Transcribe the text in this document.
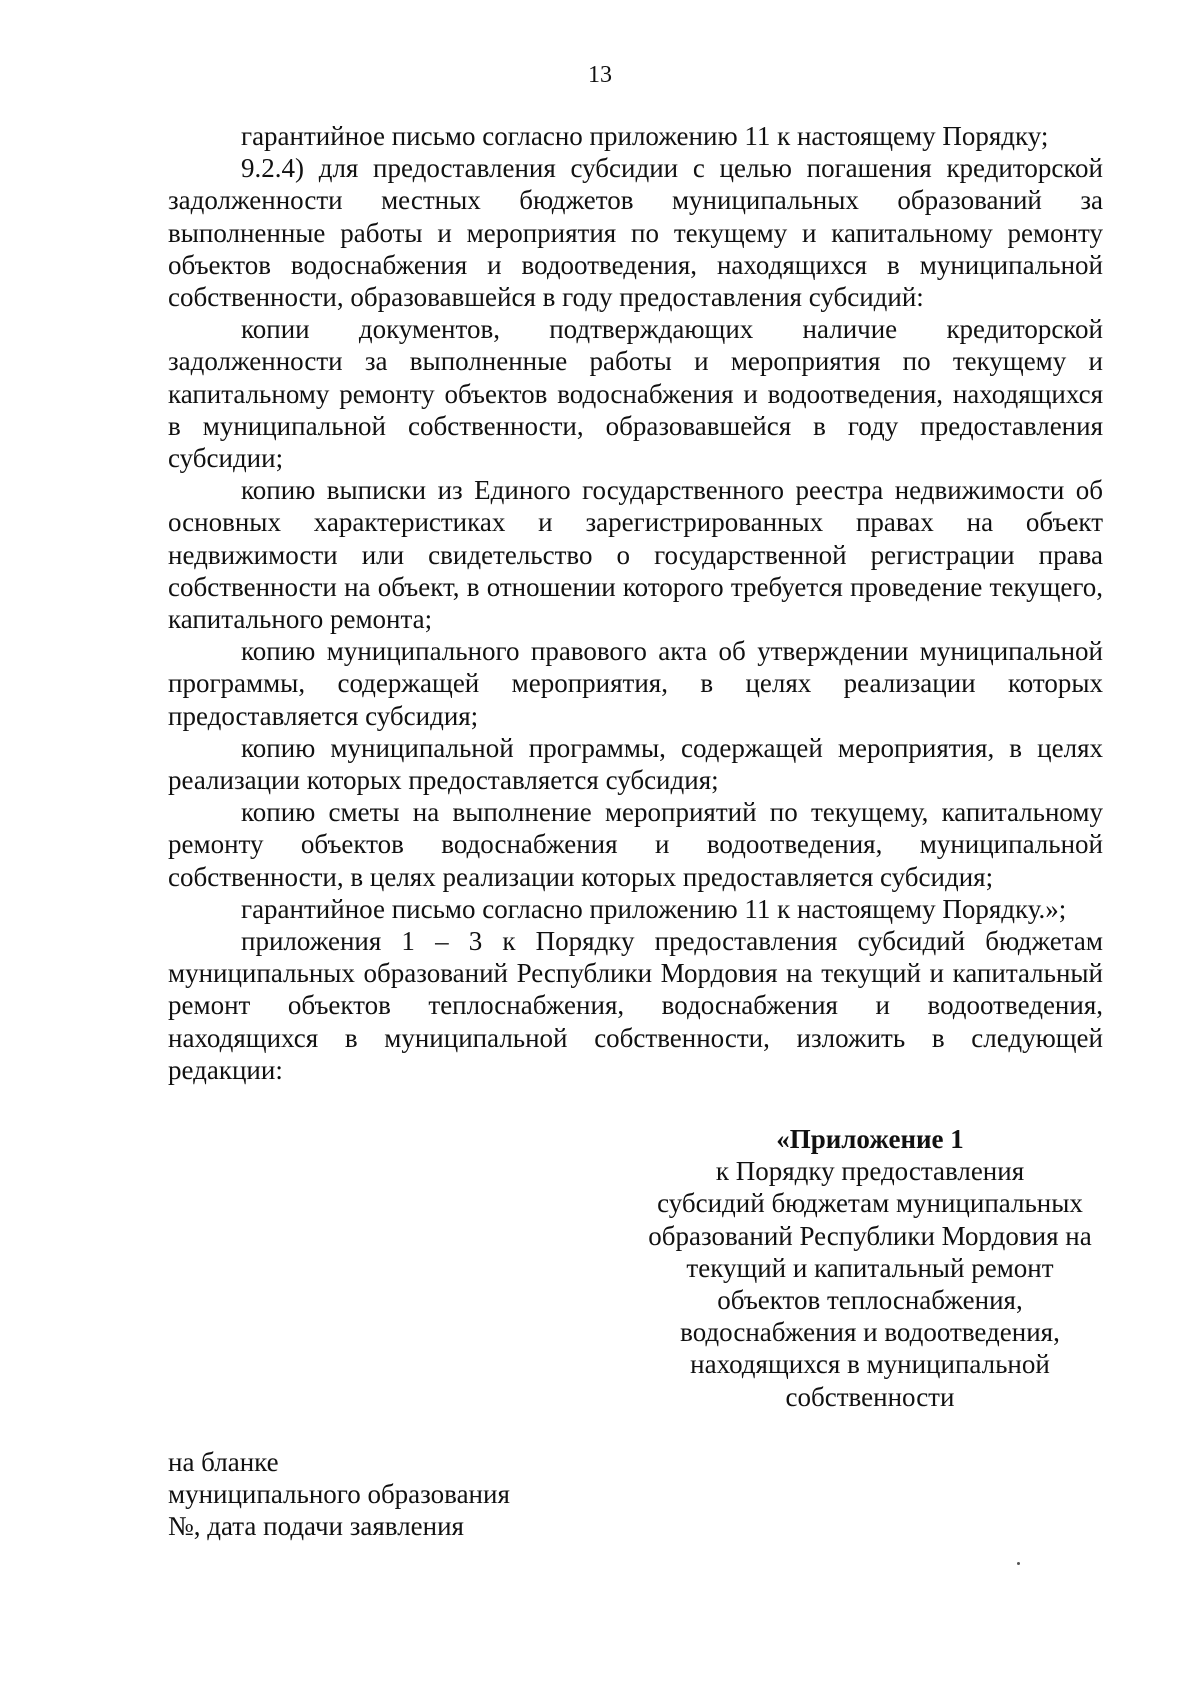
13

гарантийное письмо согласно приложению 11 к настоящему Порядку;

9.2.4) для предоставления субсидии с целью погашения кредиторской задолженности местных бюджетов муниципальных образований за выполненные работы и мероприятия по текущему и капитальному ремонту объектов водоснабжения и водоотведения, находящихся в муниципальной собственности, образовавшейся в году предоставления субсидий:

копии документов, подтверждающих наличие кредиторской задолженности за выполненные работы и мероприятия по текущему и капитальному ремонту объектов водоснабжения и водоотведения, находящихся в муниципальной собственности, образовавшейся в году предоставления субсидии;

копию выписки из Единого государственного реестра недвижимости об основных характеристиках и зарегистрированных правах на объект недвижимости или свидетельство о государственной регистрации права собственности на объект, в отношении которого требуется проведение текущего, капитального ремонта;

копию муниципального правового акта об утверждении муниципальной программы, содержащей мероприятия, в целях реализации которых предоставляется субсидия;

копию муниципальной программы, содержащей мероприятия, в целях реализации которых предоставляется субсидия;

копию сметы на выполнение мероприятий по текущему, капитальному ремонту объектов водоснабжения и водоотведения, муниципальной собственности, в целях реализации которых предоставляется субсидия;

гарантийное письмо согласно приложению 11 к настоящему Порядку.»;

приложения 1 – 3 к Порядку предоставления субсидий бюджетам муниципальных образований Республики Мордовия на текущий и капитальный ремонт объектов теплоснабжения, водоснабжения и водоотведения, находящихся в муниципальной собственности, изложить в следующей редакции:

«Приложение 1
к Порядку предоставления
субсидий бюджетам муниципальных
образований Республики Мордовия на
текущий и капитальный ремонт
объектов теплоснабжения,
водоснабжения и водоотведения,
находящихся в муниципальной
собственности
на бланке
муниципального образования
№, дата подачи заявления
